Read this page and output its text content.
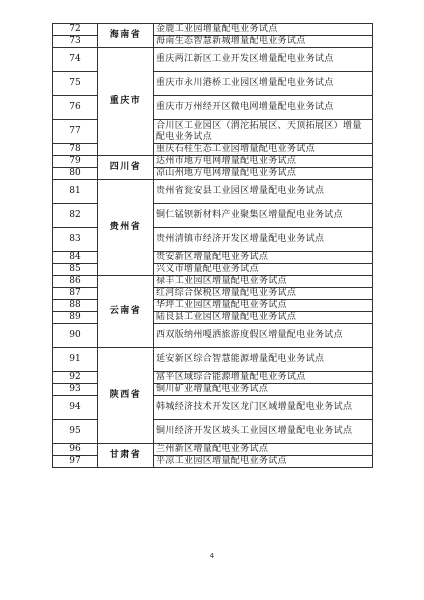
72	海南省	金鹿工业园增量配电业务试点
73		海南生态智慧新城增量配电业务试点
74	重庆市	重庆两江新区工业开发区增量配电业务试点
75		重庆市永川港桥工业园区增量配电业务试点
76		重庆市万州经开区微电网增量配电业务试点
77		合川区工业园区（渭沱拓展区、天顶拓展区）增量配电业务试点
78		重庆石柱生态工业园增量配电业务试点
79	四川省	达州市地方电网增量配电业务试点
80		凉山州地方电网增量配电业务试点
81	贵州省	贵州省瓮安县工业园区增量配电业务试点
82		铜仁锰钡新材料产业聚集区增量配电业务试点
83		贵州清镇市经济开发区增量配电业务试点
84		贵安新区增量配电业务试点
85		兴义市增量配电业务试点
86	云南省	禄丰工业园区增量配电业务试点
87		红河综合保税区增量配电业务试点
88		华坪工业园区增量配电业务试点
89		陆良县工业园区增量配电业务试点
90		西双版纳州嘎洒旅游度假区增量配电业务试点
91	陕西省	延安新区综合智慧能源增量配电业务试点
92		富平区域综合能源增量配电业务试点
93		铜川矿业增量配电业务试点
94		韩城经济技术开发区龙门区域增量配电业务试点
95		铜川经济开发区坡头工业园区增量配电业务试点
96	甘肃省	兰州新区增量配电业务试点
97		平凉工业园区增量配电业务试点
4
